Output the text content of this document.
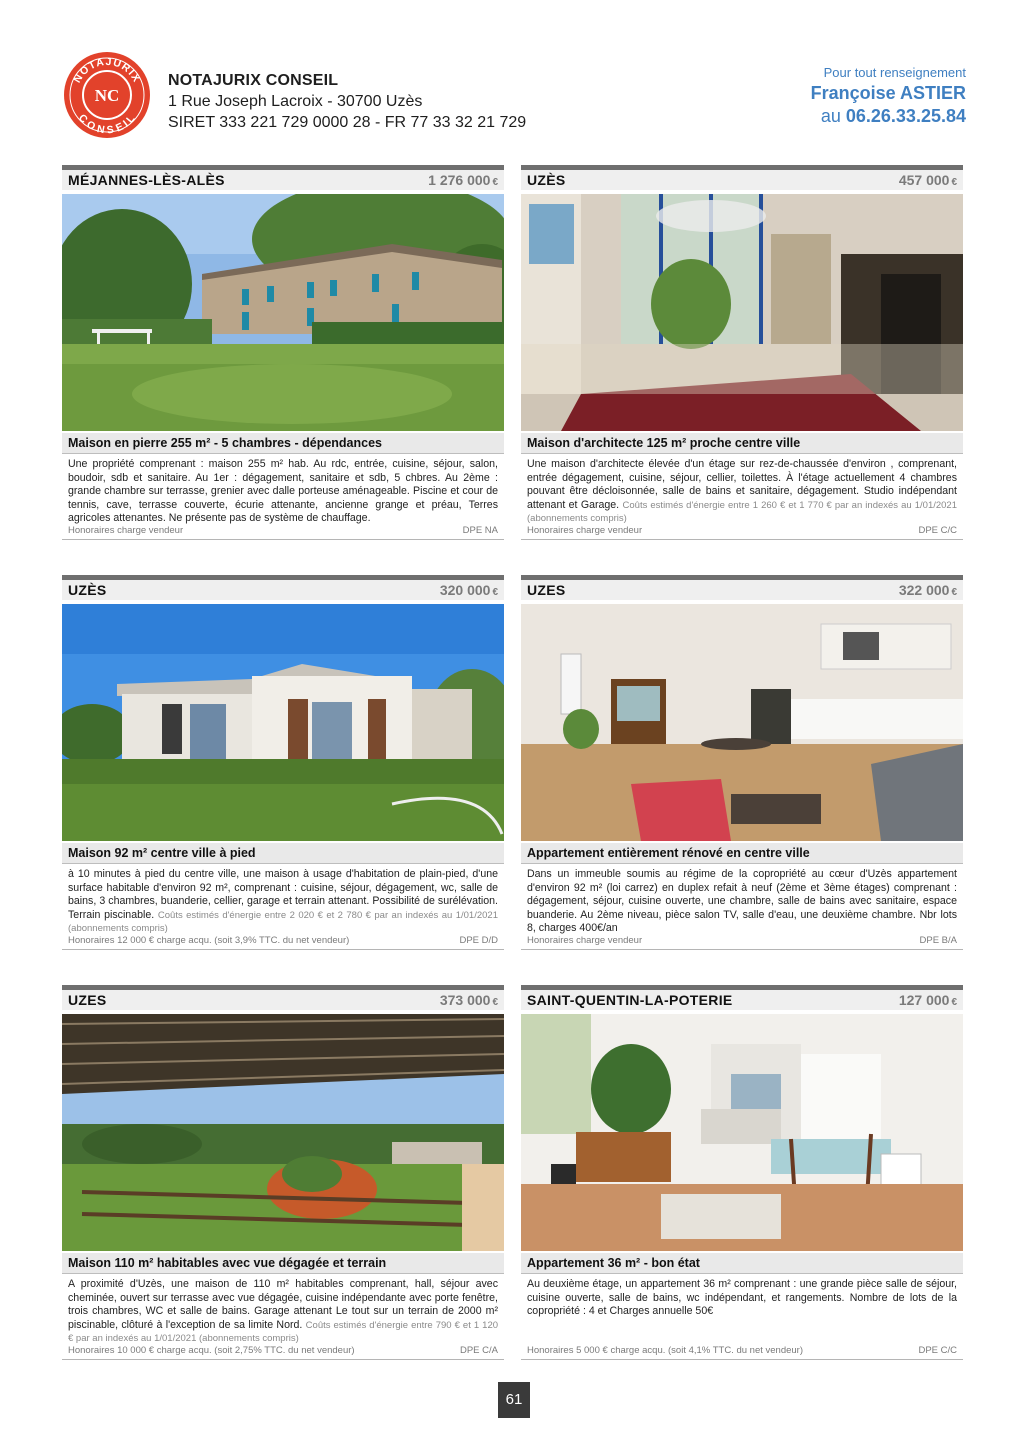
NOTAJURIX
CONSEIL
NC
NOTAJURIX CONSEIL
1 Rue Joseph Lacroix - 30700 Uzès
SIRET 333 221 729 0000 28 - FR 77 33 32 21 729
Pour tout renseignement
Françoise ASTIER
au 06.26.33.25.84
MÉJANNES-LÈS-ALÈS	1 276 000 €
Maison en pierre 255 m² - 5 chambres - dépendances
Une propriété comprenant : maison 255 m² hab. Au rdc, entrée, cuisine, séjour, salon, boudoir, sdb et sanitaire. Au 1er : dégagement, sanitaire et sdb, 5 chbres. Au 2ème : grande chambre sur terrasse, grenier avec dalle porteuse aménageable. Piscine et cour de tennis, cave, terrasse couverte, écurie attenante, ancienne grange et préau, Terres agricoles attenantes. Ne présente pas de système de chauffage.
Honoraires charge vendeur	DPE NA
UZÈS	457 000 €
Maison d'architecte 125 m² proche centre ville
Une maison d'architecte élevée d'un étage sur rez-de-chaussée d'environ , comprenant, entrée dégagement, cuisine, séjour, cellier, toilettes. À l'étage actuellement 4 chambres pouvant être décloisonnée, salle de bains et sanitaire, dégagement. Studio indépendant attenant et Garage. Coûts estimés d'énergie entre 1 260 € et 1 770 € par an indexés au 1/01/2021 (abonnements compris)
Honoraires charge vendeur	DPE C/C
UZÈS	320 000 €
Maison 92 m² centre ville à pied
à 10 minutes à pied du centre ville, une maison à usage d'habitation de plain-pied, d'une surface habitable d'environ 92 m², comprenant : cuisine, séjour, dégagement, wc, salle de bains, 3 chambres, buanderie, cellier, garage et terrain attenant. Possibilité de surélévation. Terrain piscinable. Coûts estimés d'énergie entre 2 020 € et 2 780 € par an indexés au 1/01/2021 (abonnements compris)
Honoraires 12 000 € charge acqu. (soit 3,9% TTC. du net vendeur)	DPE D/D
UZES	322 000 €
Appartement entièrement rénové en centre ville
Dans un immeuble soumis au régime de la copropriété au cœur d'Uzès appartement d'environ 92 m² (loi carrez) en duplex refait à neuf (2ème et 3ème étages) comprenant : dégagement, séjour, cuisine ouverte, une chambre, salle de bains avec sanitaire, espace buanderie. Au 2ème niveau, pièce salon TV, salle d'eau, une deuxième chambre. Nbr lots 8, charges 400€/an
Honoraires charge vendeur	DPE B/A
UZES	373 000 €
Maison 110 m² habitables avec vue dégagée et terrain
A proximité d'Uzès, une maison de 110 m² habitables comprenant, hall, séjour avec cheminée, ouvert sur terrasse avec vue dégagée, cuisine indépendante avec porte fenêtre, trois chambres, WC et salle de bains. Garage attenant Le tout sur un terrain de 2000 m² piscinable, clôturé à l'exception de sa limite Nord. Coûts estimés d'énergie entre 790 € et 1 120 € par an indexés au 1/01/2021 (abonnements compris)
Honoraires 10 000 € charge acqu. (soit 2,75% TTC. du net vendeur)	DPE C/A
SAINT-QUENTIN-LA-POTERIE	127 000 €
Appartement 36 m² - bon état
Au deuxième étage, un appartement 36 m² comprenant : une grande pièce salle de séjour, cuisine ouverte, salle de bains, wc indépendant, et rangements. Nombre de lots de la copropriété : 4 et Charges annuelle 50€
Honoraires 5 000 € charge acqu. (soit 4,1% TTC. du net vendeur)	DPE C/C
61
